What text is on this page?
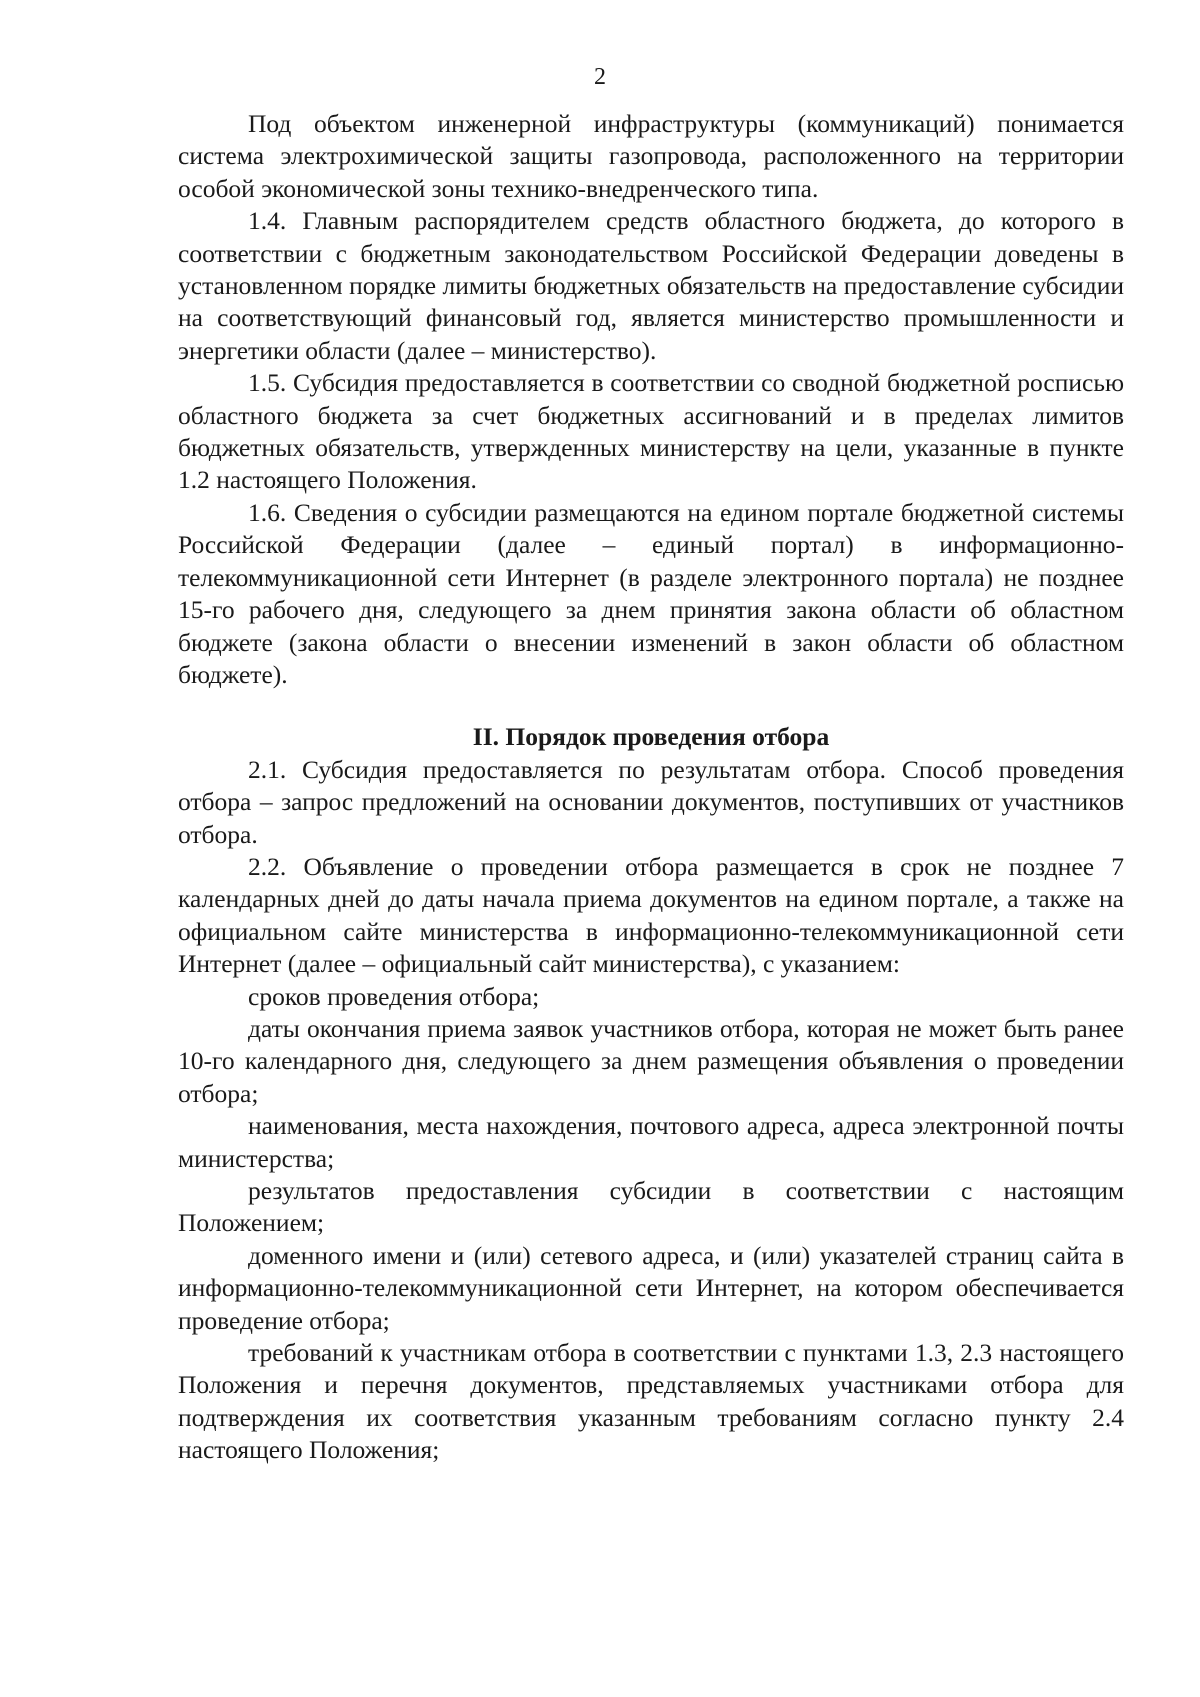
2

Под объектом инженерной инфраструктуры (коммуникаций) понимается система электрохимической защиты газопровода, расположенного на территории особой экономической зоны технико-внедренческого типа.

1.4. Главным распорядителем средств областного бюджета, до которого в соответствии с бюджетным законодательством Российской Федерации доведены в установленном порядке лимиты бюджетных обязательств на предоставление субсидии на соответствующий финансовый год, является министерство промышленности и энергетики области (далее – министерство).

1.5. Субсидия предоставляется в соответствии со сводной бюджетной росписью областного бюджета за счет бюджетных ассигнований и в пределах лимитов бюджетных обязательств, утвержденных министерству на цели, указанные в пункте 1.2 настоящего Положения.

1.6. Сведения о субсидии размещаются на едином портале бюджетной системы Российской Федерации (далее – единый портал) в информационно-телекоммуникационной сети Интернет (в разделе электронного портала) не позднее 15-го рабочего дня, следующего за днем принятия закона области об областном бюджете (закона области о внесении изменений в закон области об областном бюджете).

II. Порядок проведения отбора

2.1. Субсидия предоставляется по результатам отбора. Способ проведения отбора – запрос предложений на основании документов, поступивших от участников отбора.

2.2. Объявление о проведении отбора размещается в срок не позднее 7 календарных дней до даты начала приема документов на едином портале, а также на официальном сайте министерства в информационно-телекоммуникационной сети Интернет (далее – официальный сайт министерства), с указанием:

сроков проведения отбора;

даты окончания приема заявок участников отбора, которая не может быть ранее 10-го календарного дня, следующего за днем размещения объявления о проведении отбора;

наименования, места нахождения, почтового адреса, адреса электронной почты министерства;

результатов предоставления субсидии в соответствии с настоящим Положением;

доменного имени и (или) сетевого адреса, и (или) указателей страниц сайта в информационно-телекоммуникационной сети Интернет, на котором обеспечивается проведение отбора;

требований к участникам отбора в соответствии с пунктами 1.3, 2.3 настоящего Положения и перечня документов, представляемых участниками отбора для подтверждения их соответствия указанным требованиям согласно пункту 2.4 настоящего Положения;
